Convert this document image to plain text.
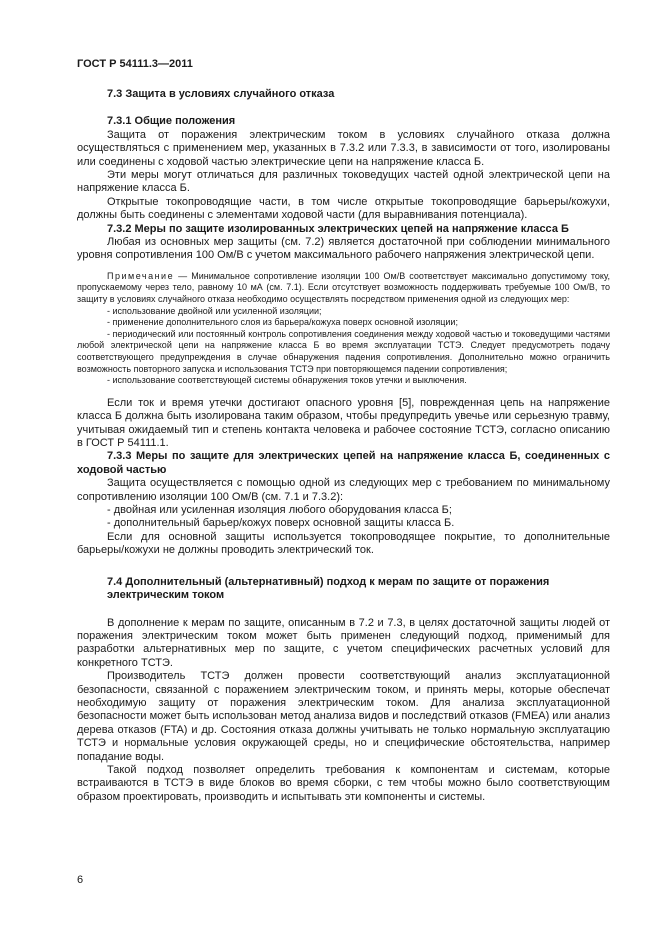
ГОСТ Р 54111.3—2011
7.3 Защита в условиях случайного отказа

7.3.1 Общие положения

Защита от поражения электрическим током в условиях случайного отказа должна осуществляться с применением мер, указанных в 7.3.2 или 7.3.3, в зависимости от того, изолированы или соединены с ходовой частью электрические цепи на напряжение класса Б.

Эти меры могут отличаться для различных токоведущих частей одной электрической цепи на напряжение класса Б.

Открытые токопроводящие части, в том числе открытые токопроводящие барьеры/кожухи, должны быть соединены с элементами ходовой части (для выравнивания потенциала).

7.3.2 Меры по защите изолированных электрических цепей на напряжение класса Б

Любая из основных мер защиты (см. 7.2) является достаточной при соблюдении минимального уровня сопротивления 100 Ом/В с учетом максимального рабочего напряжения электрической цепи.

Примечание — Минимальное сопротивление изоляции 100 Ом/В соответствует максимально допустимому току, пропускаемому через тело, равному 10 мА (см. 7.1). Если отсутствует возможность поддерживать требуемые 100 Ом/В, то защиту в условиях случайного отказа необходимо осуществлять посредством применения одной из следующих мер:

- использование двойной или усиленной изоляции;

- применение дополнительного слоя из барьера/кожуха поверх основной изоляции;

- периодический или постоянный контроль сопротивления соединения между ходовой частью и токоведущими частями любой электрической цепи на напряжение класса Б во время эксплуатации ТСТЭ. Следует предусмотреть подачу соответствующего предупреждения в случае обнаружения падения сопротивления. Дополнительно можно ограничить возможность повторного запуска и использования ТСТЭ при повторяющемся падении сопротивления;

- использование соответствующей системы обнаружения токов утечки и выключения.

Если ток и время утечки достигают опасного уровня [5], поврежденная цепь на напряжение класса Б должна быть изолирована таким образом, чтобы предупредить увечье или серьезную травму, учитывая ожидаемый тип и степень контакта человека и рабочее состояние ТСТЭ, согласно описанию в ГОСТ Р 54111.1.

7.3.3 Меры по защите для электрических цепей на напряжение класса Б, соединенных с ходовой частью

Защита осуществляется с помощью одной из следующих мер с требованием по минимальному сопротивлению изоляции 100 Ом/В (см. 7.1 и 7.3.2):

- двойная или усиленная изоляция любого оборудования класса Б;

- дополнительный барьер/кожух поверх основной защиты класса Б.

Если для основной защиты используется токопроводящее покрытие, то дополнительные барьеры/кожухи не должны проводить электрический ток.

7.4 Дополнительный (альтернативный) подход к мерам по защите от поражения
электрическим током

В дополнение к мерам по защите, описанным в 7.2 и 7.3, в целях достаточной защиты людей от поражения электрическим током может быть применен следующий подход, применимый для разработки альтернативных мер по защите, с учетом специфических расчетных условий для конкретного ТСТЭ.

Производитель ТСТЭ должен провести соответствующий анализ эксплуатационной безопасности, связанной с поражением электрическим током, и принять меры, которые обеспечат необходимую защиту от поражения электрическим током. Для анализа эксплуатационной безопасности может быть использован метод анализа видов и последствий отказов (FMEA) или анализ дерева отказов (FTA) и др. Состояния отказа должны учитывать не только нормальную эксплуатацию ТСТЭ и нормальные условия окружающей среды, но и специфические обстоятельства, например попадание воды.

Такой подход позволяет определить требования к компонентам и системам, которые встраиваются в ТСТЭ в виде блоков во время сборки, с тем чтобы можно было соответствующим образом проектировать, производить и испытывать эти компоненты и системы.

6
